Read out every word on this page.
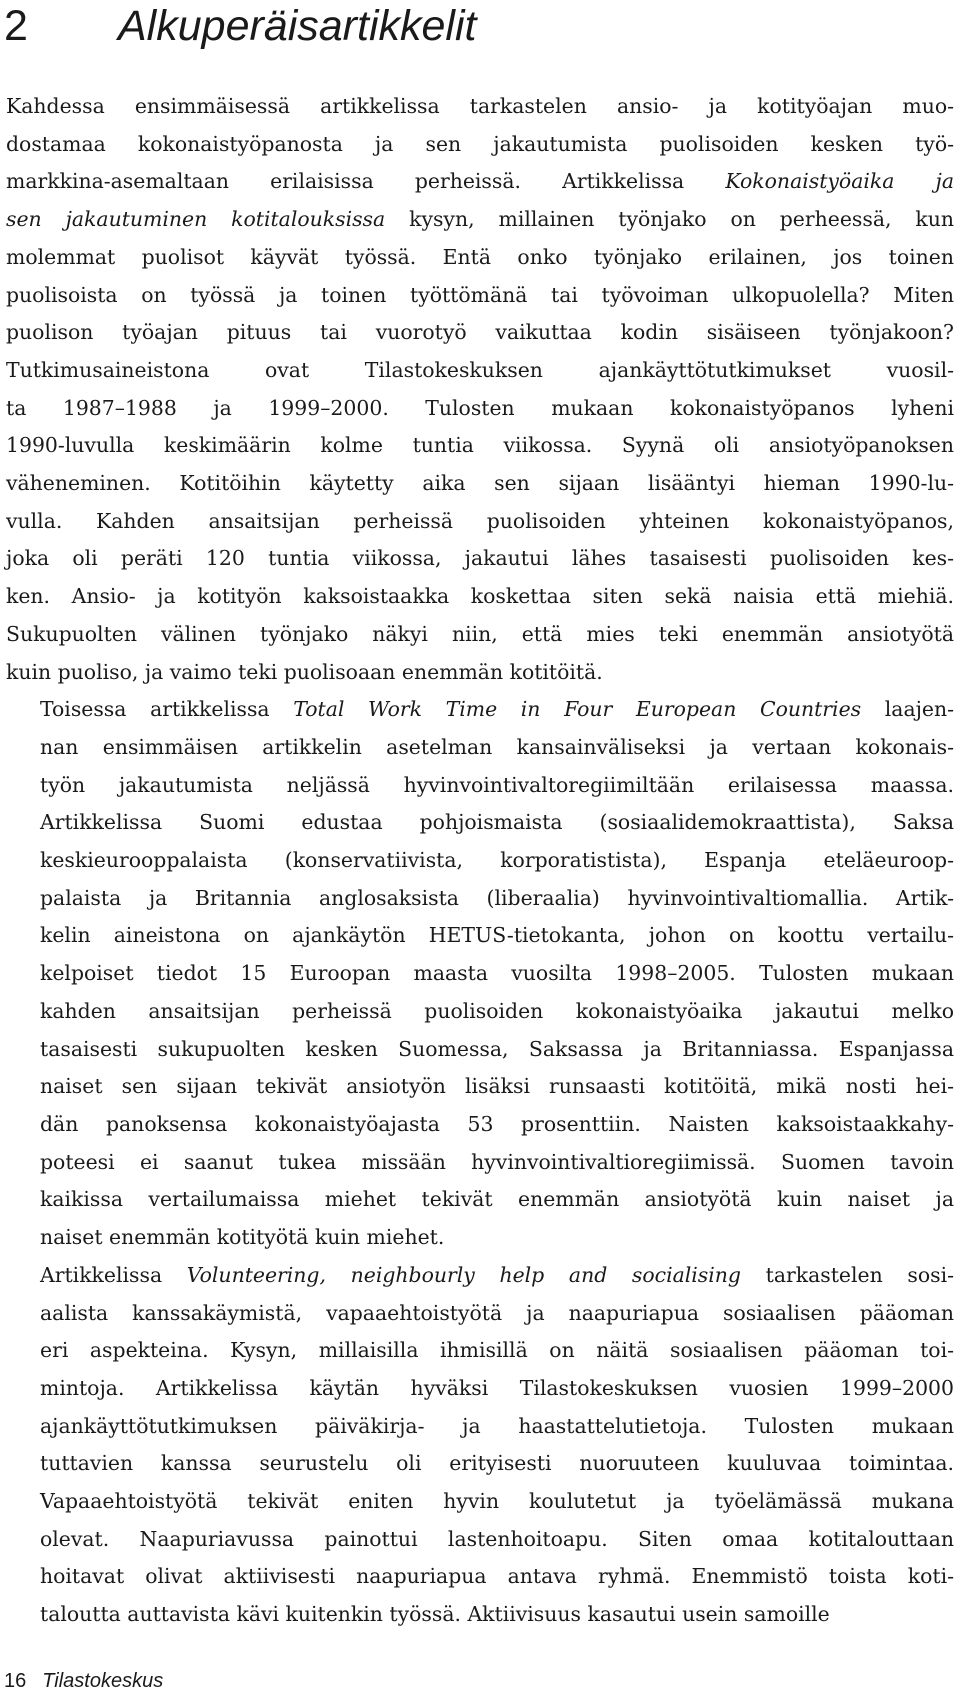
2 Alkuperäisartikkelit

Kahdessa ensimmäisessä artikkelissa tarkastelen ansio- ja kotityöajan muo-
dostamaa kokonaistyöpanosta ja sen jakautumista puolisoiden kesken työ-
markkina-asemaltaan erilaisissa perheissä. Artikkelissa Kokonaistyöaika ja
sen jakautuminen kotitalouksissa kysyn, millainen työnjako on perheessä, kun
molemmat puolisot käyvät työssä. Entä onko työnjako erilainen, jos toinen
puolisoista on työssä ja toinen työttömänä tai työvoiman ulkopuolella? Miten
puolison työajan pituus tai vuorotyö vaikuttaa kodin sisäiseen työnjakoon?
Tutkimusaineistona ovat Tilastokeskuksen ajankäyttötutkimukset vuosil-
ta 1987–1988 ja 1999–2000. Tulosten mukaan kokonaistyöpanos lyheni
1990-luvulla keskimäärin kolme tuntia viikossa. Syynä oli ansiotyöpanoksen
väheneminen. Kotitöihin käytetty aika sen sijaan lisääntyi hieman 1990-lu-
vulla. Kahden ansaitsijan perheissä puolisoiden yhteinen kokonaistyöpanos,
joka oli peräti 120 tuntia viikossa, jakautui lähes tasaisesti puolisoiden kes-
ken. Ansio- ja kotityön kaksoistaakka koskettaa siten sekä naisia että miehiä.
Sukupuolten välinen työnjako näkyi niin, että mies teki enemmän ansiotyötä
kuin puoliso, ja vaimo teki puolisoaan enemmän kotitöitä.

Toisessa artikkelissa Total Work Time in Four European Countries laajen-
nan ensimmäisen artikkelin asetelman kansainväliseksi ja vertaan kokonais-
työn jakautumista neljässä hyvinvointivaltoregiimiltään erilaisessa maassa.
Artikkelissa Suomi edustaa pohjoismaista (sosiaalidemokraattista), Saksa
keskieurooppalaista (konservatiivista, korporatistista), Espanja eteläeuroop-
palaista ja Britannia anglosaksista (liberaalia) hyvinvointivaltiomallia. Artik-
kelin aineistona on ajankäytön HETUS-tietokanta, johon on koottu vertailu-
kelpoiset tiedot 15 Euroopan maasta vuosilta 1998–2005. Tulosten mukaan
kahden ansaitsijan perheissä puolisoiden kokonaistyöaika jakautui melko
tasaisesti sukupuolten kesken Suomessa, Saksassa ja Britanniassa. Espanjassa
naiset sen sijaan tekivät ansiotyön lisäksi runsaasti kotitöitä, mikä nosti hei-
dän panoksensa kokonaistyöajasta 53 prosenttiin. Naisten kaksoistaakkahy-
poteesi ei saanut tukea missään hyvinvointivaltioregiimissä. Suomen tavoin
kaikissa vertailumaissa miehet tekivät enemmän ansiotyötä kuin naiset ja
naiset enemmän kotityötä kuin miehet.

Artikkelissa Volunteering, neighbourly help and socialising tarkastelen sosi-
aalista kanssakäymistä, vapaaehtoistyötä ja naapuriapua sosiaalisen pääoman
eri aspekteina. Kysyn, millaisilla ihmisillä on näitä sosiaalisen pääoman toi-
mintoja. Artikkelissa käytän hyväksi Tilastokeskuksen vuosien 1999–2000
ajankäyttötutkimuksen päiväkirja- ja haastattelutietoja. Tulosten mukaan
tuttavien kanssa seurustelu oli erityisesti nuoruuteen kuuluvaa toimintaa.
Vapaaehtoistyötä tekivät eniten hyvin koulutetut ja työelämässä mukana
olevat. Naapuriavussa painottui lastenhoitoapu. Siten omaa kotitalouttaan
hoitavat olivat aktiivisesti naapuriapua antava ryhmä. Enemmistö toista koti-
taloutta auttavista kävi kuitenkin työssä. Aktiivisuus kasautui usein samoille

16 Tilastokeskus
